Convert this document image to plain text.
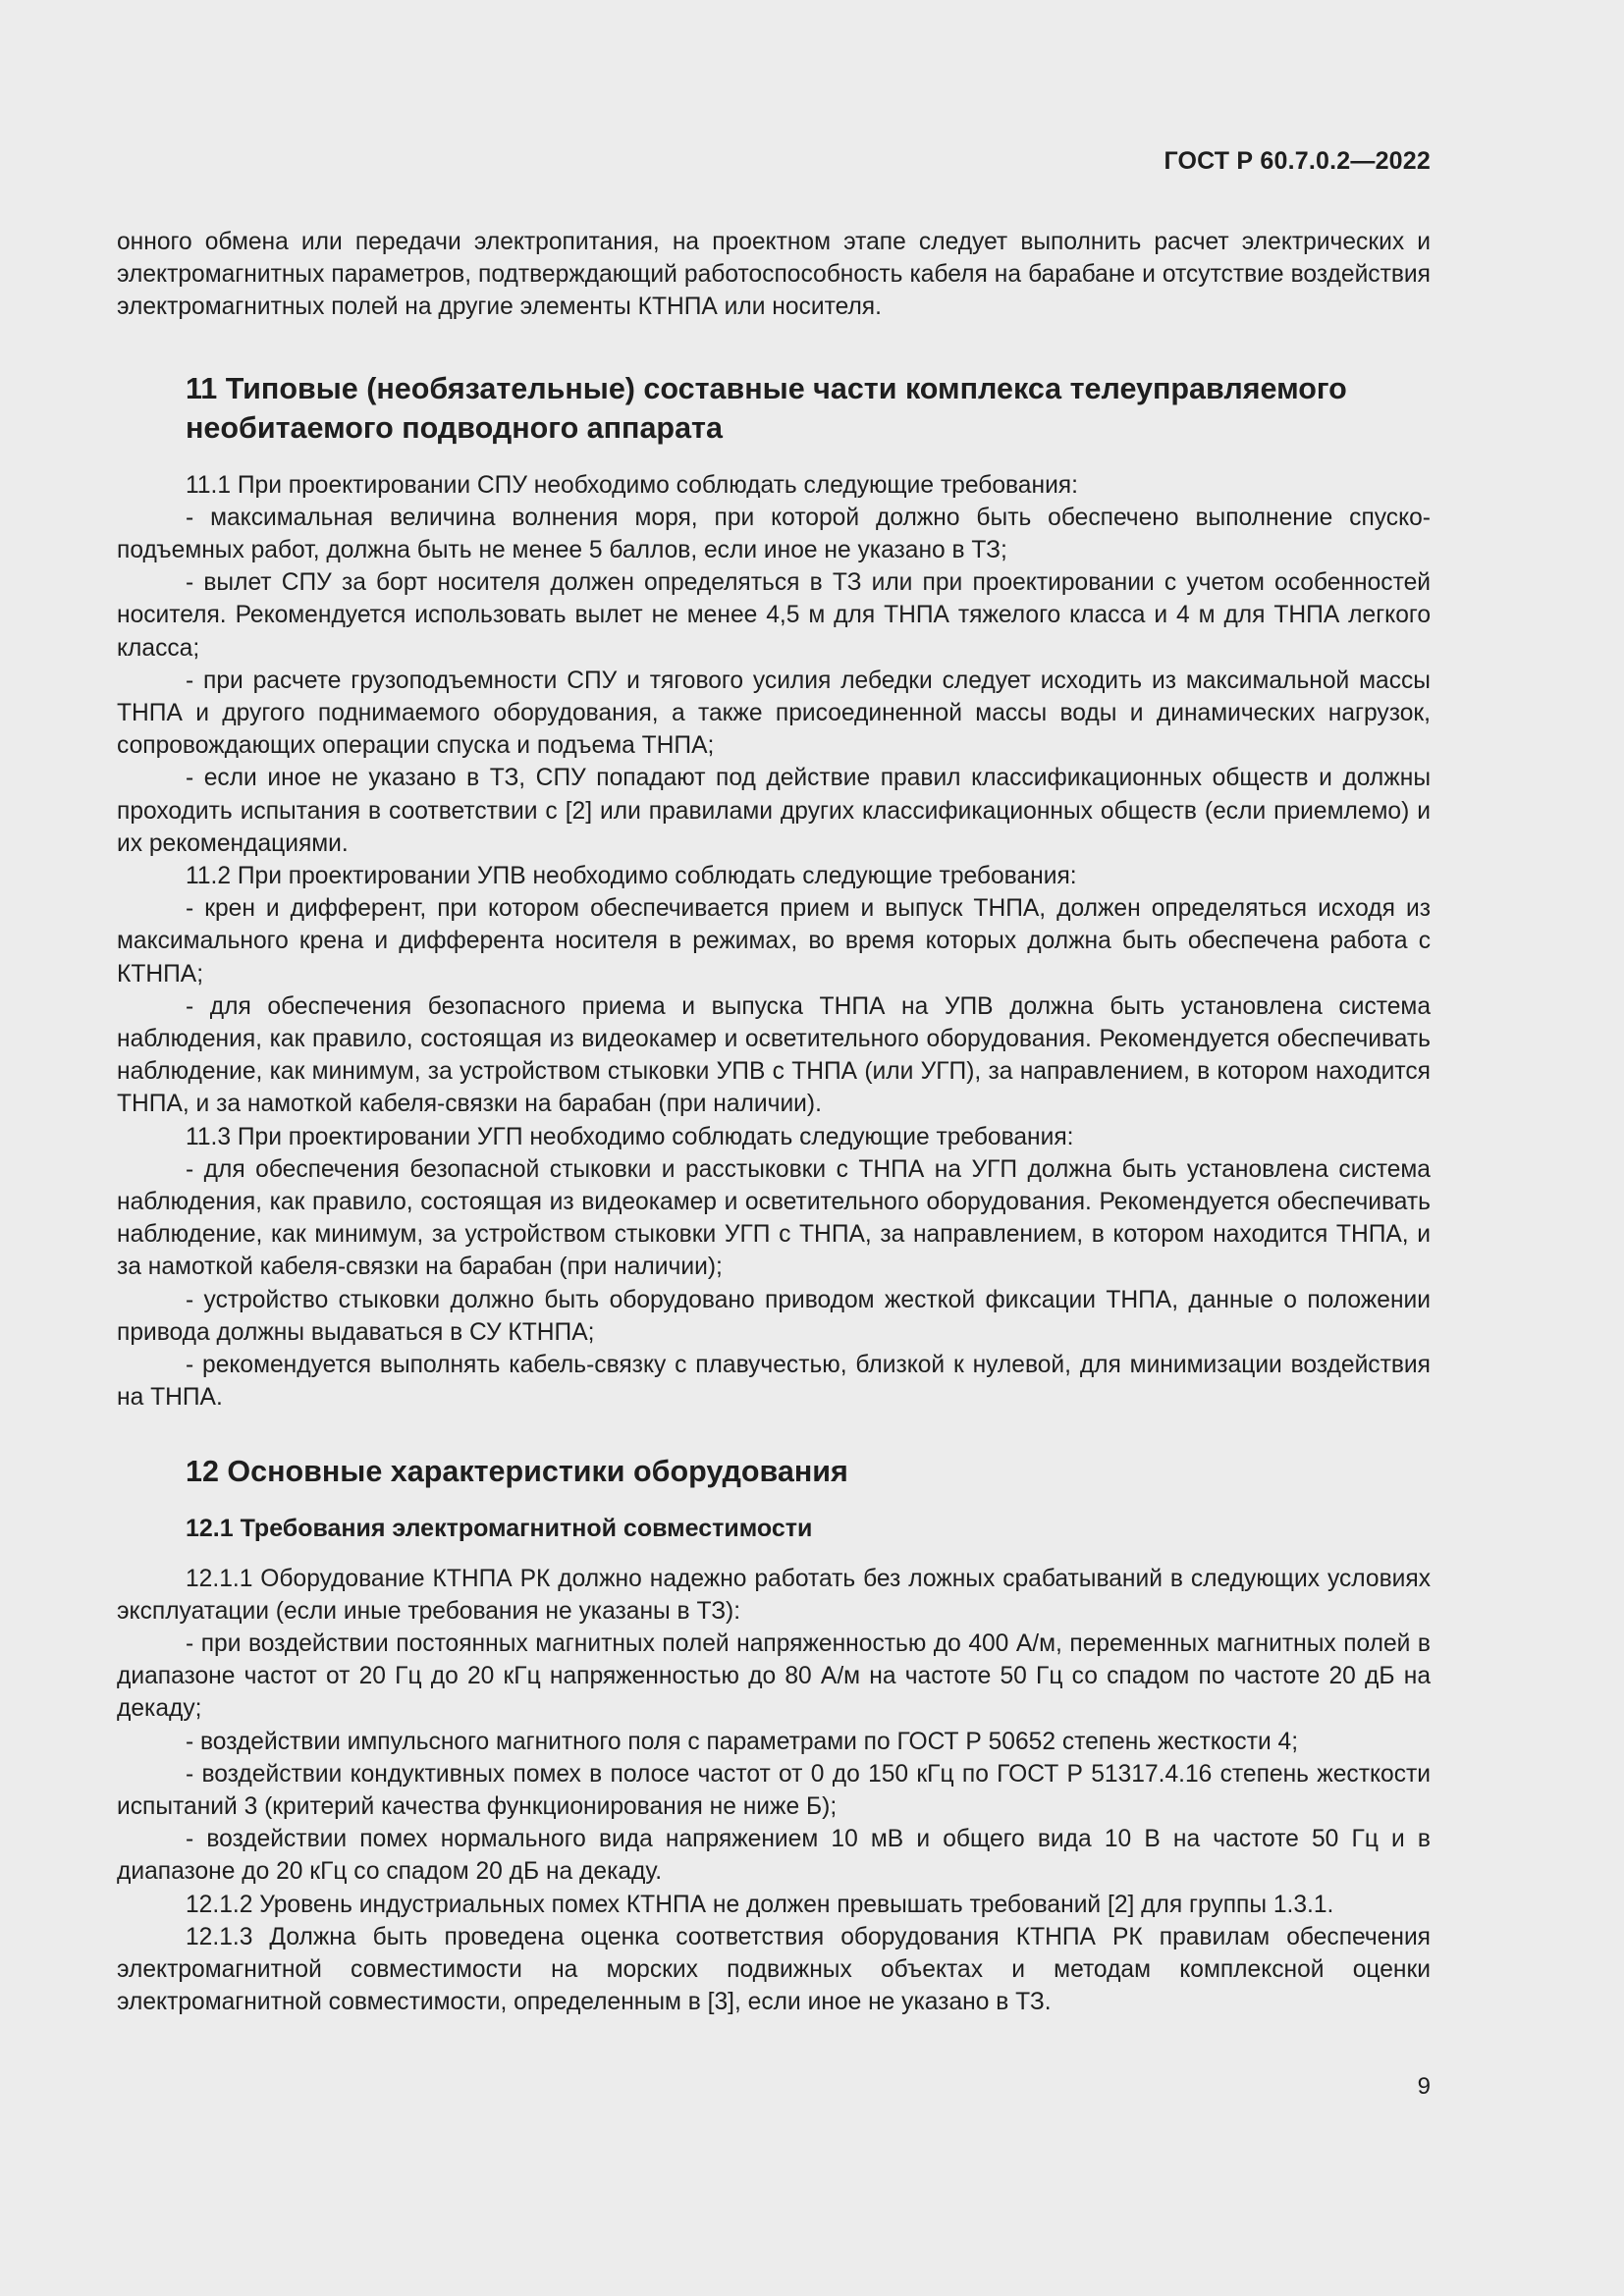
ГОСТ Р 60.7.0.2—2022

онного обмена или передачи электропитания, на проектном этапе следует выполнить расчет электрических и электромагнитных параметров, подтверждающий работоспособность кабеля на барабане и отсутствие воздействия электромагнитных полей на другие элементы КТНПА или носителя.

11 Типовые (необязательные) составные части комплекса телеуправляемого необитаемого подводного аппарата

11.1 При проектировании СПУ необходимо соблюдать следующие требования:

- максимальная величина волнения моря, при которой должно быть обеспечено выполнение спуско-подъемных работ, должна быть не менее 5 баллов, если иное не указано в ТЗ;

- вылет СПУ за борт носителя должен определяться в ТЗ или при проектировании с учетом особенностей носителя. Рекомендуется использовать вылет не менее 4,5 м для ТНПА тяжелого класса и 4 м для ТНПА легкого класса;

- при расчете грузоподъемности СПУ и тягового усилия лебедки следует исходить из максимальной массы ТНПА и другого поднимаемого оборудования, а также присоединенной массы воды и динамических нагрузок, сопровождающих операции спуска и подъема ТНПА;

- если иное не указано в ТЗ, СПУ попадают под действие правил классификационных обществ и должны проходить испытания в соответствии с [2] или правилами других классификационных обществ (если приемлемо) и их рекомендациями.

11.2 При проектировании УПВ необходимо соблюдать следующие требования:

- крен и дифферент, при котором обеспечивается прием и выпуск ТНПА, должен определяться исходя из максимального крена и дифферента носителя в режимах, во время которых должна быть обеспечена работа с КТНПА;

- для обеспечения безопасного приема и выпуска ТНПА на УПВ должна быть установлена система наблюдения, как правило, состоящая из видеокамер и осветительного оборудования. Рекомендуется обеспечивать наблюдение, как минимум, за устройством стыковки УПВ с ТНПА (или УГП), за направлением, в котором находится ТНПА, и за намоткой кабеля-связки на барабан (при наличии).

11.3 При проектировании УГП необходимо соблюдать следующие требования:

- для обеспечения безопасной стыковки и расстыковки с ТНПА на УГП должна быть установлена система наблюдения, как правило, состоящая из видеокамер и осветительного оборудования. Рекомендуется обеспечивать наблюдение, как минимум, за устройством стыковки УГП с ТНПА, за направлением, в котором находится ТНПА, и за намоткой кабеля-связки на барабан (при наличии);

- устройство стыковки должно быть оборудовано приводом жесткой фиксации ТНПА, данные о положении привода должны выдаваться в СУ КТНПА;

- рекомендуется выполнять кабель-связку с плавучестью, близкой к нулевой, для минимизации воздействия на ТНПА.

12 Основные характеристики оборудования
12.1 Требования электромагнитной совместимости

12.1.1 Оборудование КТНПА РК должно надежно работать без ложных срабатываний в следующих условиях эксплуатации (если иные требования не указаны в ТЗ):

- при воздействии постоянных магнитных полей напряженностью до 400 А/м, переменных магнитных полей в диапазоне частот от 20 Гц до 20 кГц напряженностью до 80 А/м на частоте 50 Гц со спадом по частоте 20 дБ на декаду;

- воздействии импульсного магнитного поля с параметрами по ГОСТ Р 50652 степень жесткости 4;

- воздействии кондуктивных помех в полосе частот от 0 до 150 кГц по ГОСТ Р 51317.4.16 степень жесткости испытаний 3 (критерий качества функционирования не ниже Б);

- воздействии помех нормального вида напряжением 10 мВ и общего вида 10 В на частоте 50 Гц и в диапазоне до 20 кГц со спадом 20 дБ на декаду.

12.1.2 Уровень индустриальных помех КТНПА не должен превышать требований [2] для группы 1.3.1.

12.1.3 Должна быть проведена оценка соответствия оборудования КТНПА РК правилам обеспечения электромагнитной совместимости на морских подвижных объектах и методам комплексной оценки электромагнитной совместимости, определенным в [3], если иное не указано в ТЗ.

9
